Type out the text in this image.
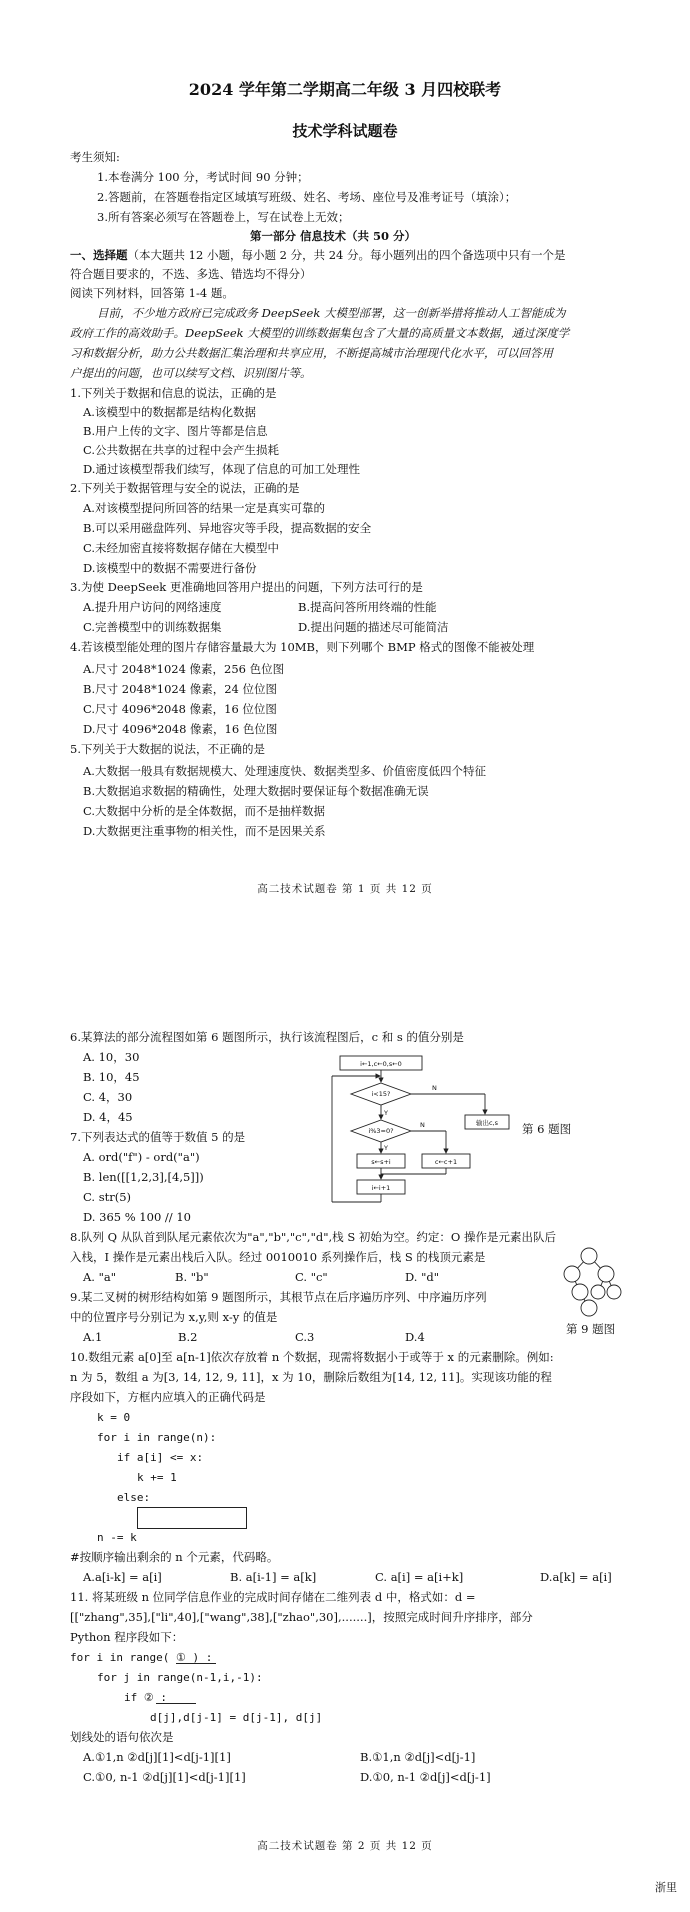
2024 学年第二学期高二年级 3 月四校联考
技术学科试题卷
考生须知:
1.本卷满分 100 分，考试时间 90 分钟；
2.答题前，在答题卷指定区域填写班级、姓名、考场、座位号及准考证号（填涂）；
3.所有答案必须写在答题卷上，写在试卷上无效；
第一部分 信息技术（共 50 分）
一、选择题（本大题共 12 小题，每小题 2 分，共 24 分。每小题列出的四个备选项中只有一个是
符合题目要求的，不选、多选、错选均不得分）
阅读下列材料，回答第 1-4 题。
目前，不少地方政府已完成政务 DeepSeek 大模型部署，这一创新举措将推动人工智能成为
政府工作的高效助手。DeepSeek 大模型的训练数据集包含了大量的高质量文本数据，通过深度学
习和数据分析，助力公共数据汇集治理和共享应用，不断提高城市治理现代化水平，可以回答用
户提出的问题，也可以续写文档、识别图片等。
1.下列关于数据和信息的说法，正确的是
A.该模型中的数据都是结构化数据
B.用户上传的文字、图片等都是信息
C.公共数据在共享的过程中会产生损耗
D.通过该模型帮我们续写，体现了信息的可加工处理性
2.下列关于数据管理与安全的说法，正确的是
A.对该模型提问所回答的结果一定是真实可靠的
B.可以采用磁盘阵列、异地容灾等手段，提高数据的安全
C.未经加密直接将数据存储在大模型中
D.该模型中的数据不需要进行备份
3.为使 DeepSeek 更准确地回答用户提出的问题，下列方法可行的是
A.提升用户访问的网络速度	B.提高问答所用终端的性能
C.完善模型中的训练数据集	D.提出问题的描述尽可能简洁
4.若该模型能处理的图片存储容量最大为 10MB，则下列哪个 BMP 格式的图像不能被处理
A.尺寸 2048*1024 像素，256 色位图
B.尺寸 2048*1024 像素，24 位位图
C.尺寸 4096*2048 像素，16 位位图
D.尺寸 4096*2048 像素，16 色位图
5.下列关于大数据的说法，不正确的是
A.大数据一般具有数据规模大、处理速度快、数据类型多、价值密度低四个特征
B.大数据追求数据的精确性，处理大数据时要保证每个数据准确无误
C.大数据中分析的是全体数据，而不是抽样数据
D.大数据更注重事物的相关性，而不是因果关系
高二技术试题卷 第 1 页 共 12 页
6.某算法的部分流程图如第 6 题图所示，执行该流程图后，c 和 s 的值分别是
A. 10，30
B. 10，45
C. 4，30
D. 4，45
i←1,c←0,s←0
i<15?
i%3=0?
输出c,s
c←c+1
s←s+i
i←i+1
N
Y
N
Y
第 6 题图
7.下列表达式的值等于数值 5 的是
A. ord("f") - ord("a")
B. len([[1,2,3],[4,5]])
C. str(5)
D. 365 % 100 // 10
8.队列 Q 从队首到队尾元素依次为"a","b","c","d",栈 S 初始为空。约定：O 操作是元素出队后
入栈，I 操作是元素出栈后入队。经过 0010010 系列操作后，栈 S 的栈顶元素是
A. "a"	B. "b"	C. "c"	D. "d"
第 9 题图
9.某二叉树的树形结构如第 9 题图所示，其根节点在后序遍历序列、中序遍历序列
中的位置序号分别记为 x,y,则 x-y 的值是
A.1	B.2	C.3	D.4
10.数组元素 a[0]至 a[n-1]依次存放着 n 个数据，现需将数据小于或等于 x 的元素删除。例如:
n 为 5，数组 a 为[3, 14, 12, 9, 11]，x 为 10，删除后数组为[14, 12, 11]。实现该功能的程
序段如下，方框内应填入的正确代码是
k = 0
for i in range(n):
if a[i] <= x:
k += 1
else:
n -= k
#按顺序输出剩余的 n 个元素，代码略。
A.a[i-k] = a[i]	B. a[i-1] = a[k]	C. a[i] = a[i+k]	D.a[k] = a[i]
11. 将某班级 n 位同学信息作业的完成时间存储在二维列表 d 中，格式如：d =
[["zhang",35],["li",40],["wang",38],["zhao",30],.......]，按照完成时间升序排序，部分
Python 程序段如下：
for i in range( ① ) :
for j in range(n-1,i,-1):
if ② :
d[j],d[j-1] = d[j-1], d[j]
划线处的语句依次是
A.①1,n ②d[j][1]<d[j-1][1]	B.①1,n ②d[j]<d[j-1]
C.①0, n-1 ②d[j][1]<d[j-1][1]	D.①0, n-1 ②d[j]<d[j-1]
高二技术试题卷 第 2 页 共 12 页
浙里
